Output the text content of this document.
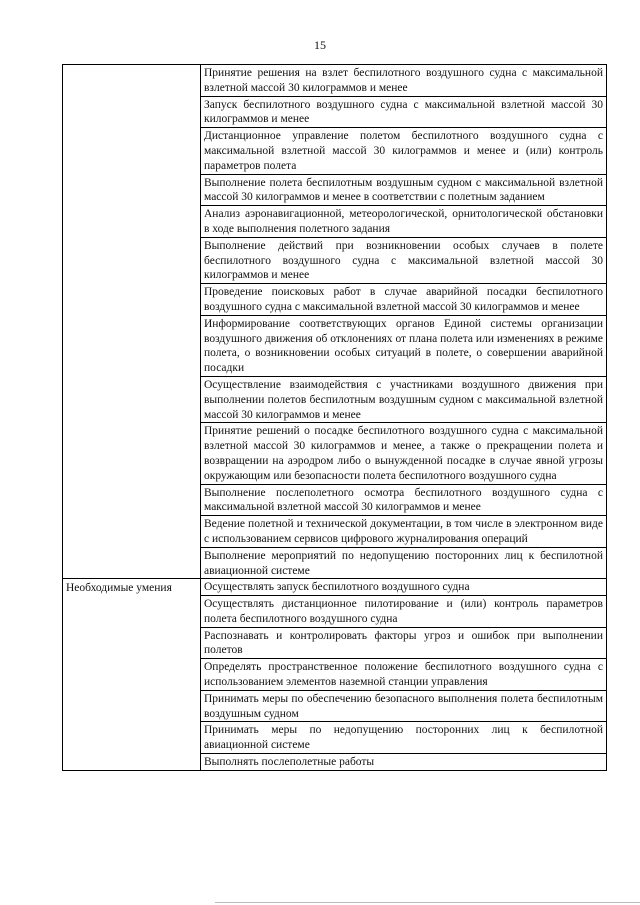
15

	Принятие решения на взлет беспилотного воздушного судна с максимальной взлетной массой 30 килограммов и менее

	Запуск беспилотного воздушного судна с максимальной взлетной массой 30 килограммов и менее

	Дистанционное управление полетом беспилотного воздушного судна с максимальной взлетной массой 30 килограммов и менее и (или) контроль параметров полета

	Выполнение полета беспилотным воздушным судном с максимальной взлетной массой 30 килограммов и менее в соответствии с полетным заданием

	Анализ аэронавигационной, метеорологической, орнитологической обстановки в ходе выполнения полетного задания

	Выполнение действий при возникновении особых случаев в полете беспилотного воздушного судна с максимальной взлетной массой 30 килограммов и менее

	Проведение поисковых работ в случае аварийной посадки беспилотного воздушного судна с максимальной взлетной массой 30 килограммов и менее

	Информирование соответствующих органов Единой системы организации воздушного движения об отклонениях от плана полета или изменениях в режиме полета, о возникновении особых ситуаций в полете, о совершении аварийной посадки

	Осуществление взаимодействия с участниками воздушного движения при выполнении полетов беспилотным воздушным судном с максимальной взлетной массой 30 килограммов и менее

	Принятие решений о посадке беспилотного воздушного судна с максимальной взлетной массой 30 килограммов и менее, а также о прекращении полета и возвращении на аэродром либо о вынужденной посадке в случае явной угрозы окружающим или безопасности полета беспилотного воздушного судна

	Выполнение послеполетного осмотра беспилотного воздушного судна с максимальной взлетной массой 30 килограммов и менее

	Ведение полетной и технической документации, в том числе в электронном виде с использованием сервисов цифрового журналирования операций

	Выполнение мероприятий по недопущению посторонних лиц к беспилотной авиационной системе

Необходимые умения	Осуществлять запуск беспилотного воздушного судна

	Осуществлять дистанционное пилотирование и (или) контроль параметров полета беспилотного воздушного судна

	Распознавать и контролировать факторы угроз и ошибок при выполнении полетов

	Определять пространственное положение беспилотного воздушного судна с использованием элементов наземной станции управления

	Принимать меры по обеспечению безопасного выполнения полета беспилотным воздушным судном

	Принимать меры по недопущению посторонних лиц к беспилотной авиационной системе

	Выполнять послеполетные работы
